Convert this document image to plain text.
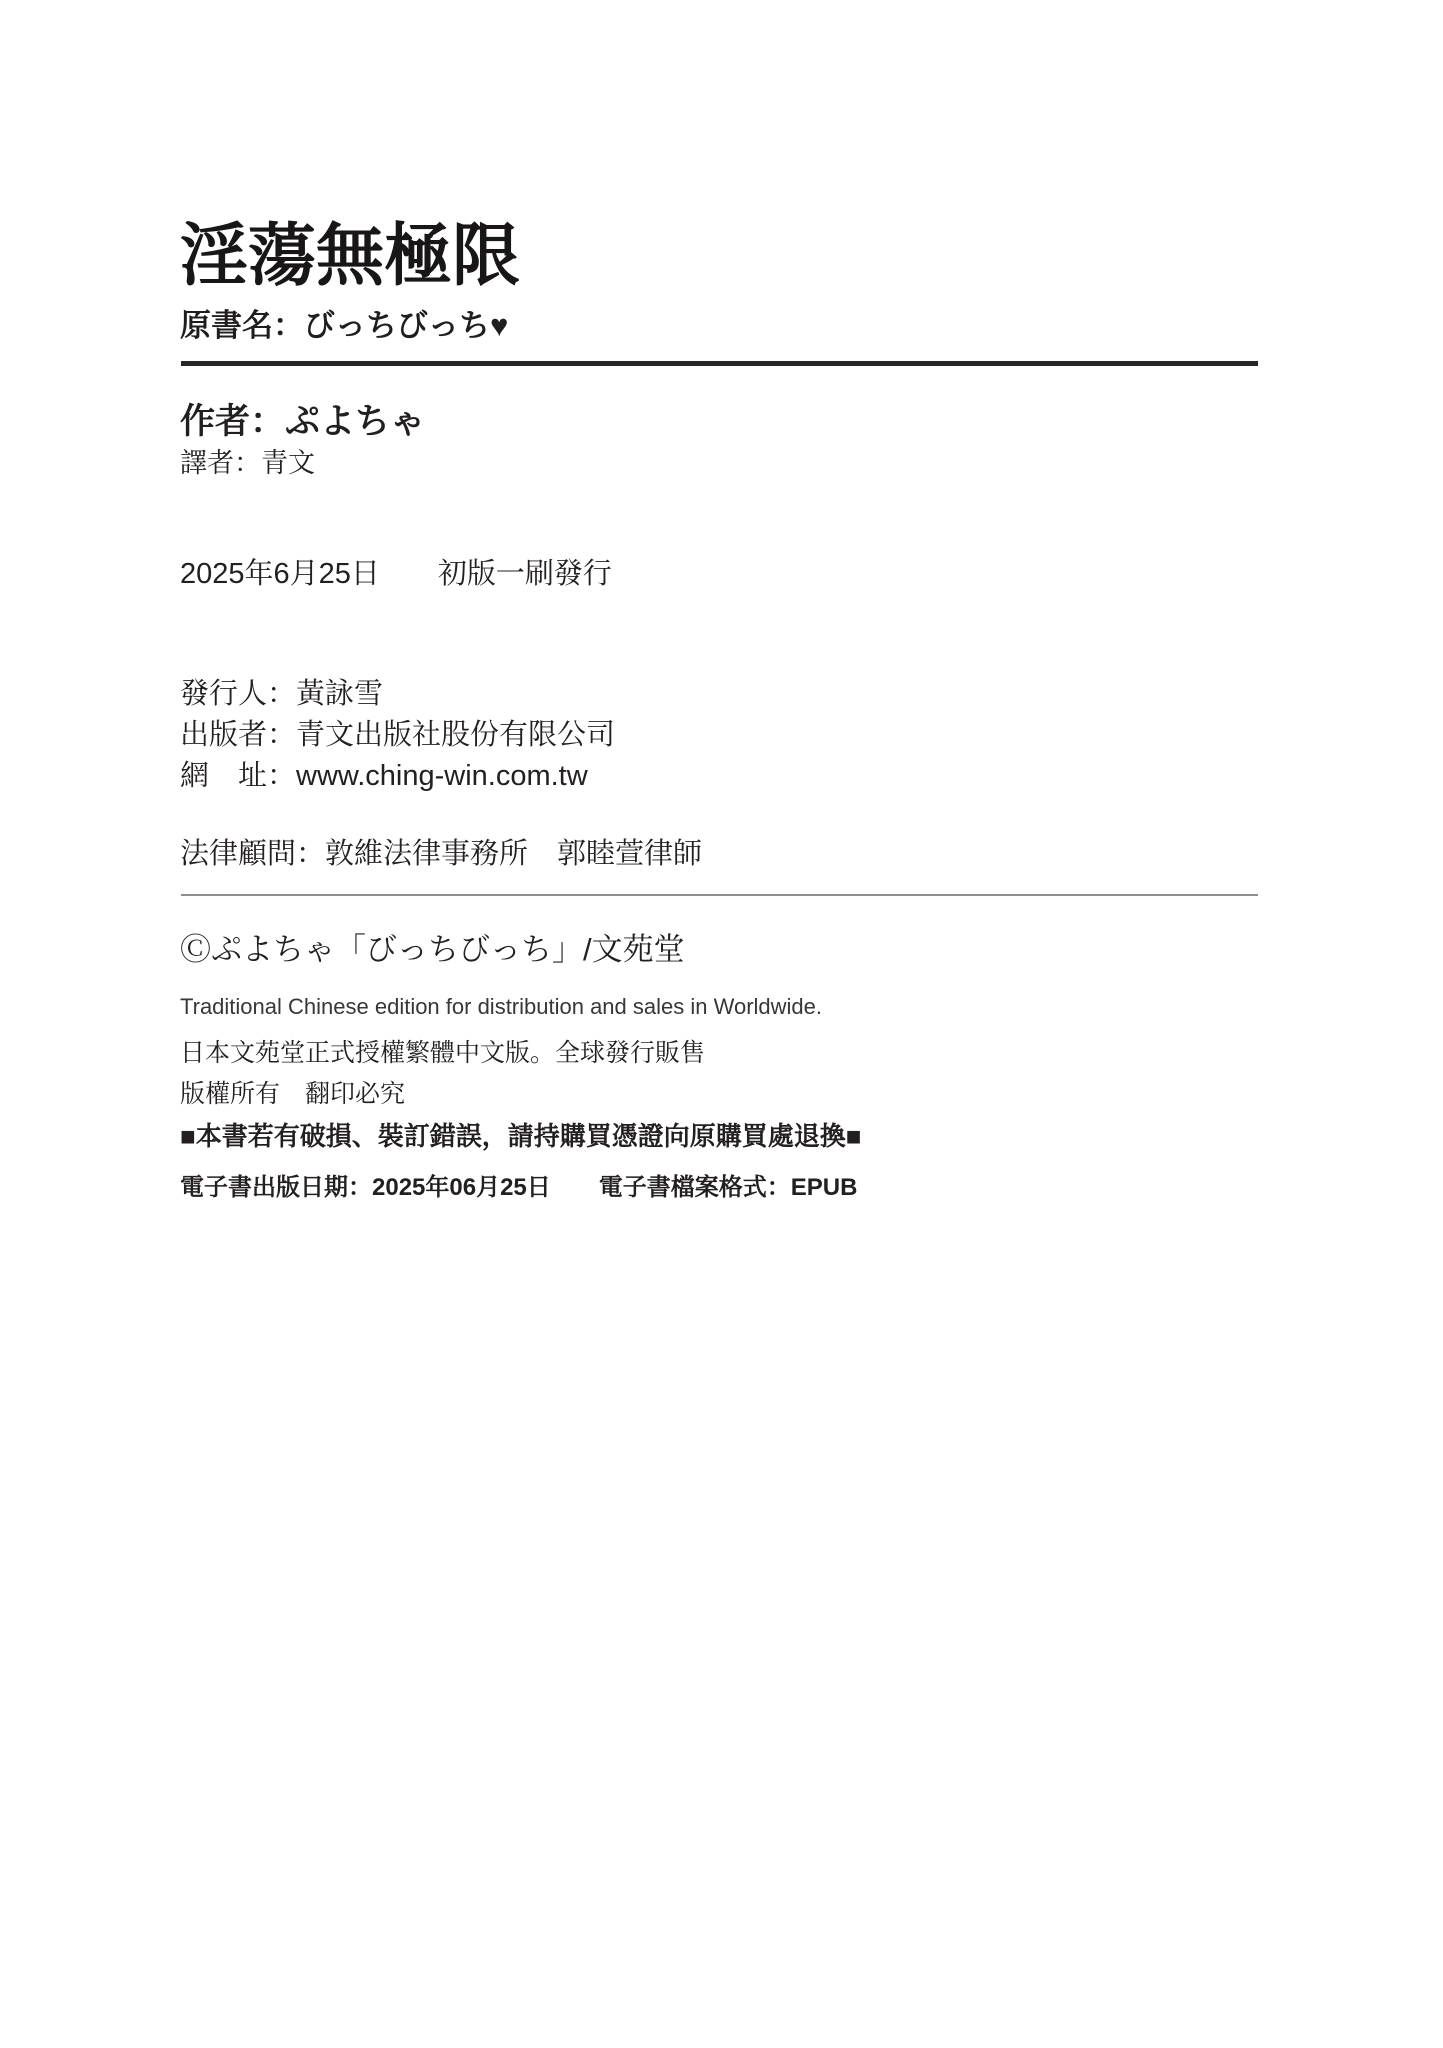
淫蕩無極限
原書名：びっちびっち♥
作者：ぷよちゃ
譯者：青文
2025年6月25日　　初版一刷發行
發行人：黃詠雪
出版者：青文出版社股份有限公司
網　址：www.ching-win.com.tw
法律顧問：敦維法律事務所　郭睦萱律師
Ⓒぷよちゃ「びっちびっち」/文苑堂
Traditional Chinese edition for distribution and sales in Worldwide.
日本文苑堂正式授權繁體中文版。全球發行販售
版權所有　翻印必究
■本書若有破損、裝訂錯誤，請持購買憑證向原購買處退換■
電子書出版日期：2025年06月25日　　電子書檔案格式：EPUB
